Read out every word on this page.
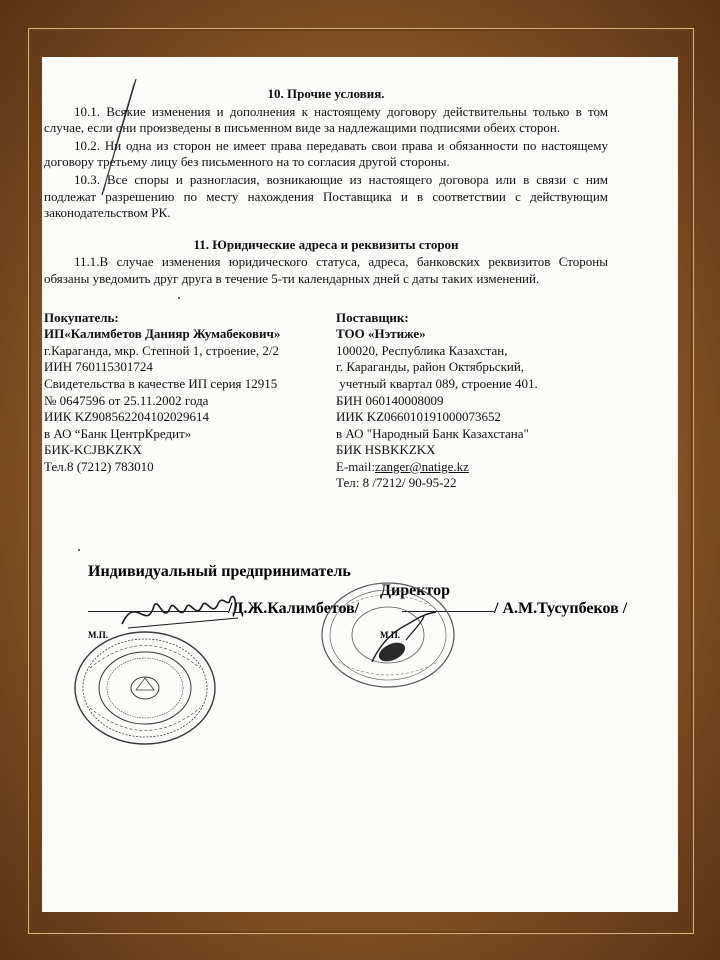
10. Прочие условия.
10.1. Всякие изменения и дополнения к настоящему договору действительны только в том случае, если они произведены в письменном виде за надлежащими подписями обеих сторон.
10.2. Ни одна из сторон не имеет права передавать свои права и обязанности по настоящему договору третьему лицу без письменного на то согласия другой стороны.
10.3. Все споры и разногласия, возникающие из настоящего договора или в связи с ним подлежат разрешению по месту нахождения Поставщика и в соответствии с действующим законодательством РК.
11. Юридические адреса и реквизиты сторон
11.1.В случае изменения юридического статуса, адреса, банковских реквизитов Стороны обязаны уведомить друг друга в течение 5-ти календарных дней с даты таких изменений.
Покупатель:
ИП«Калимбетов Данияр Жумабекович»
г.Караганда, мкр. Степной 1, строение, 2/2
ИИН 760115301724
Свидетельства в качестве ИП серия 12915
№ 0647596 от 25.11.2002 года
ИИК KZ908562204102029614
в АО “Банк ЦентрКредит»
БИК-KCJBKZKX
Тел.8 (7212) 783010
Поставщик:
ТОО «Нэтиже»
100020, Республика Казахстан,
г. Караганды, район Октябрьский,
учетный квартал 089, строение 401.
БИН 060140008009
ИИК KZ066010191000073652
в АО "Народный Банк Казахстана"
БИК HSBKKZKX
E-mail:zanger@natige.kz
Тел: 8 /7212/ 90-95-22
Индивидуальный предприниматель
Директор
/Д.Ж.Калимбетов/	/ А.М.Тусупбеков /
М.П.	М.П.
